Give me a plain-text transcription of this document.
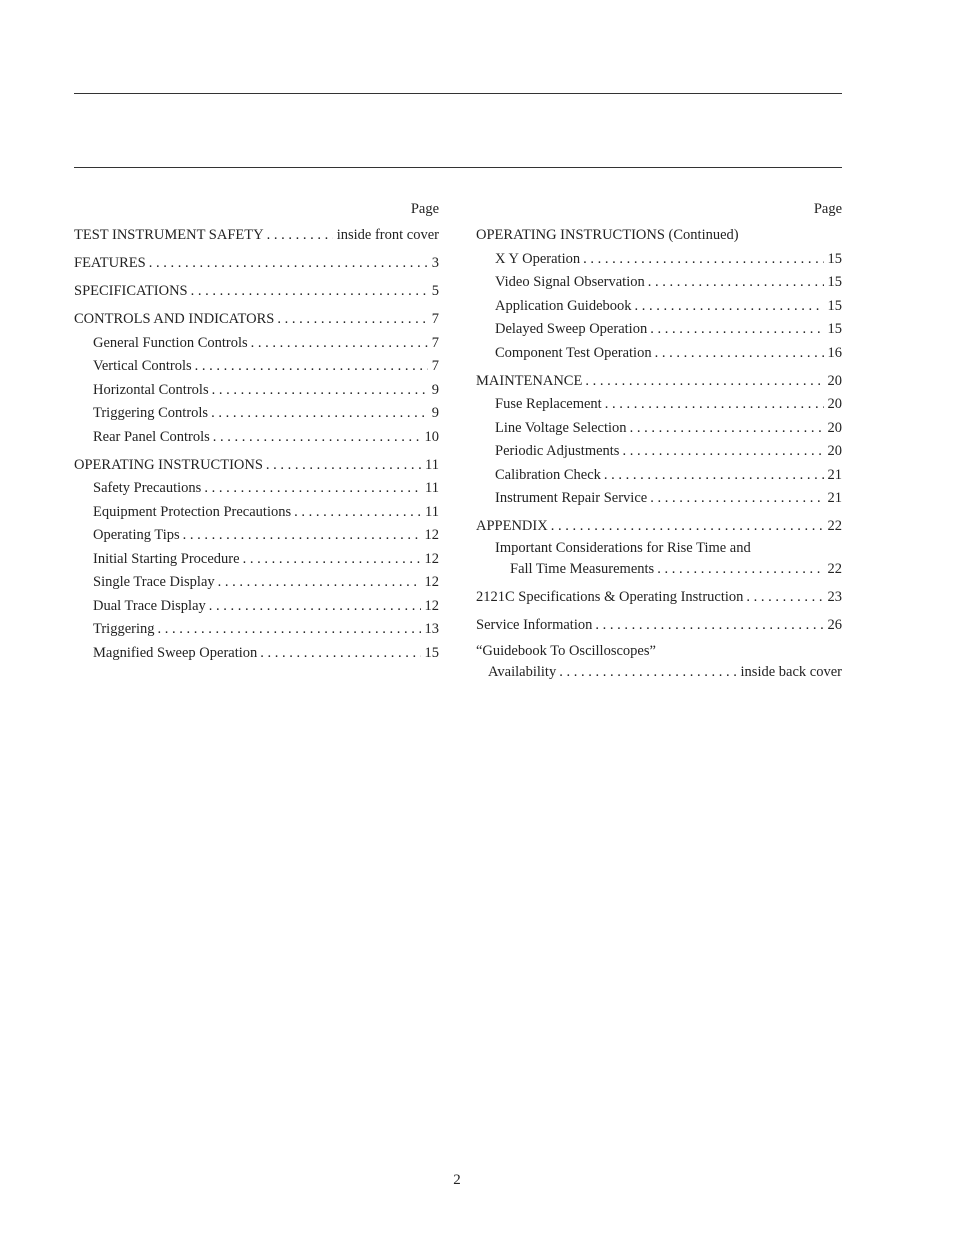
Page
TEST INSTRUMENT SAFETY . . .	inside front cover
FEATURES . . .	3
SPECIFICATIONS . . .	5
CONTROLS AND INDICATORS . . .	7
General Function Controls . . .	7
Vertical Controls . . .	7
Horizontal Controls . . .	9
Triggering Controls . . .	9
Rear Panel Controls . . .	10
OPERATING INSTRUCTIONS . . .	11
Safety Precautions . . .	11
Equipment Protection Precautions . . .	11
Operating Tips . . .	12
Initial Starting Procedure . . .	12
Single Trace Display . . .	12
Dual Trace Display . . .	12
Triggering . . .	13
Magnified Sweep Operation . . .	15
Page
OPERATING INSTRUCTIONS (Continued)
X Y Operation . . .	15
Video Signal Observation . . .	15
Application Guidebook . . .	15
Delayed Sweep Operation . . .	15
Component Test Operation . . .	16
MAINTENANCE . . .	20
Fuse Replacement . . .	20
Line Voltage Selection . . .	20
Periodic Adjustments . . .	20
Calibration Check . . .	21
Instrument Repair Service . . .	21
APPENDIX . . .	22
Important Considerations for Rise Time and
Fall Time Measurements . . .	22
2121C Specifications & Operating Instruction . . .	23
Service Information . . .	26
“Guidebook To Oscilloscopes”
Availability . . .	inside back cover
2
